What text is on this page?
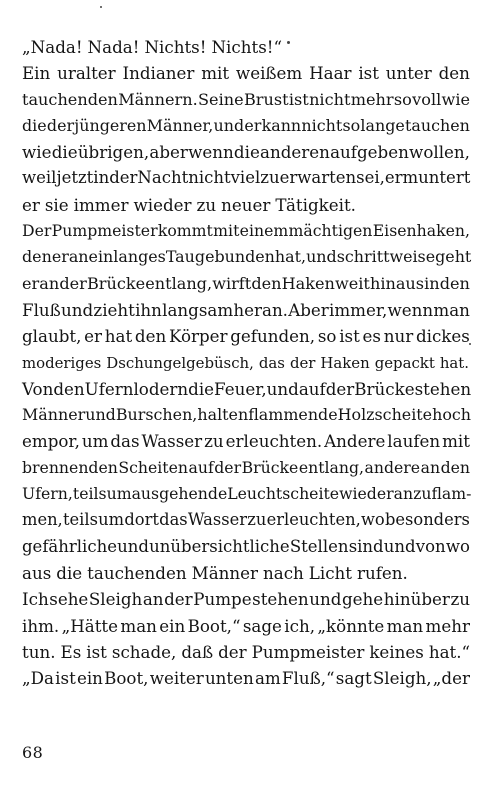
„Nada! Nada! Nichts! Nichts!“
Ein uralter Indianer mit weißem Haar ist unter den
tauchenden Männern. Seine Brust ist nicht mehr so voll wie
die der jüngeren Männer, und er kann nicht so lange tauchen
wie die übrigen, aber wenn die anderen aufgeben wollen,
weil jetzt in der Nacht nicht viel zu erwarten sei, ermuntert
er sie immer wieder zu neuer Tätigkeit.
Der Pumpmeister kommt mit einem mächtigen Eisenhaken,
den er an ein langes Tau gebunden hat, und schrittweise geht
er an der Brücke entlang, wirft den Haken weit hinaus in den
Fluß und zieht ihn langsam heran. Aber immer, wenn man
glaubt, er hat den Körper gefunden, so ist es nur dickes
moderiges Dschungelgebüsch, das der Haken gepackt hat.
Von den Ufern lodern die Feuer, und auf der Brücke stehen
Männer und Burschen, halten flammende Holzscheite hoch
empor, um das Wasser zu erleuchten. Andere laufen mit
brennenden Scheiten auf der Brücke entlang, andere an den
Ufern, teils um ausgehende Leuchtscheite wieder anzuflam-
men, teils um dort das Wasser zu erleuchten, wo besonders
gefährliche und unübersichtliche Stellen sind und von wo
aus die tauchenden Männer nach Licht rufen.
Ich sehe Sleigh an der Pumpe stehen und gehe hinüber zu
ihm. „Hätte man ein Boot,“ sage ich, „könnte man mehr
tun. Es ist schade, daß der Pumpmeister keines hat.“
„Da ist ein Boot, weiter unten am Fluß,“ sagt Sleigh, „der
68
